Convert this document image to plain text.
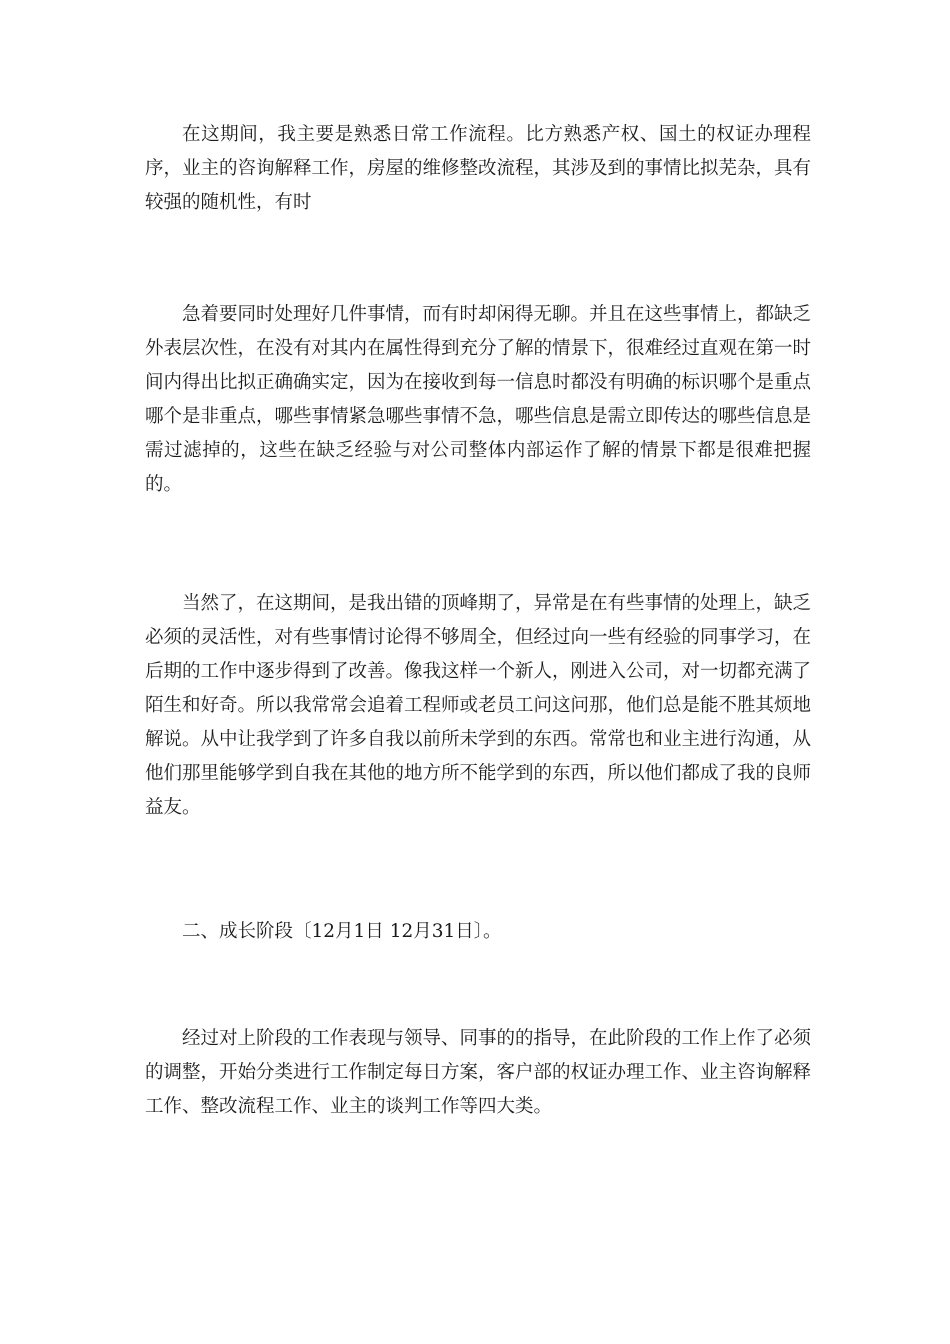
在这期间，我主要是熟悉日常工作流程。比方熟悉产权、国土的权证办理程序，业主的咨询解释工作，房屋的维修整改流程，其涉及到的事情比拟芜杂，具有较强的随机性，有时

急着要同时处理好几件事情，而有时却闲得无聊。并且在这些事情上，都缺乏外表层次性，在没有对其内在属性得到充分了解的情景下，很难经过直观在第一时间内得出比拟正确确实定，因为在接收到每一信息时都没有明确的标识哪个是重点哪个是非重点，哪些事情紧急哪些事情不急，哪些信息是需立即传达的哪些信息是需过滤掉的，这些在缺乏经验与对公司整体内部运作了解的情景下都是很难把握的。

当然了，在这期间，是我出错的顶峰期了，异常是在有些事情的处理上，缺乏必须的灵活性，对有些事情讨论得不够周全，但经过向一些有经验的同事学习，在后期的工作中逐步得到了改善。像我这样一个新人，刚进入公司，对一切都充满了陌生和好奇。所以我常常会追着工程师或老员工问这问那，他们总是能不胜其烦地解说。从中让我学到了许多自我以前所未学到的东西。常常也和业主进行沟通，从他们那里能够学到自我在其他的地方所不能学到的东西，所以他们都成了我的良师益友。

二、成长阶段〔12月1日 12月31日〕。

经过对上阶段的工作表现与领导、同事的的指导，在此阶段的工作上作了必须的调整，开始分类进行工作制定每日方案，客户部的权证办理工作、业主咨询解释工作、整改流程工作、业主的谈判工作等四大类。
